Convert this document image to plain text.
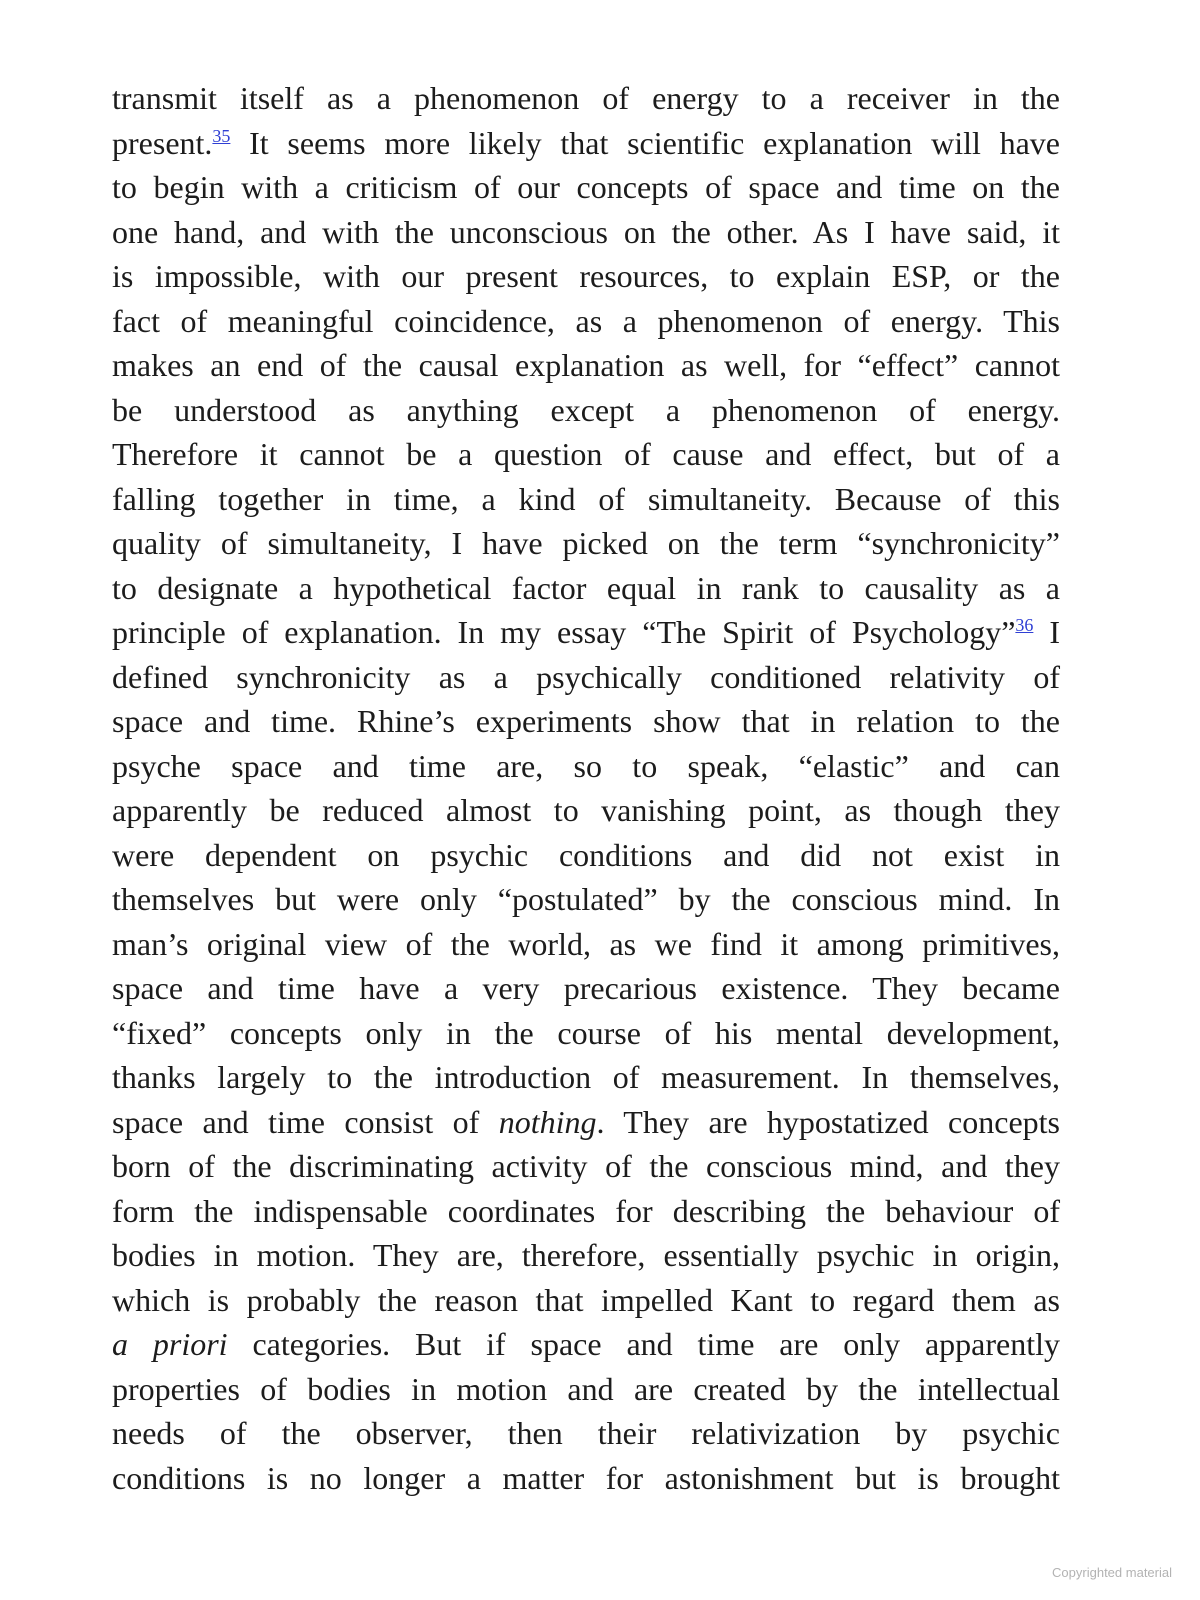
transmit itself as a phenomenon of energy to a receiver in the
present.$^{35}$ It seems more likely that scientific explanation will have
to begin with a criticism of our concepts of space and time on the
one hand, and with the unconscious on the other. As I have said, it
is impossible, with our present resources, to explain ESP, or the
fact of meaningful coincidence, as a phenomenon of energy. This
makes an end of the causal explanation as well, for “effect” cannot
be understood as anything except a phenomenon of energy.
Therefore it cannot be a question of cause and effect, but of a
falling together in time, a kind of simultaneity. Because of this
quality of simultaneity, I have picked on the term “synchronicity”
to designate a hypothetical factor equal in rank to causality as a
principle of explanation. In my essay “The Spirit of Psychology”$^{36}$ I
defined synchronicity as a psychically conditioned relativity of
space and time. Rhine’s experiments show that in relation to the
psyche space and time are, so to speak, “elastic” and can
apparently be reduced almost to vanishing point, as though they
were dependent on psychic conditions and did not exist in
themselves but were only “postulated” by the conscious mind. In
man’s original view of the world, as we find it among primitives,
space and time have a very precarious existence. They became
“fixed” concepts only in the course of his mental development,
thanks largely to the introduction of measurement. In themselves,
space and time consist of nothing. They are hypostatized concepts
born of the discriminating activity of the conscious mind, and they
form the indispensable coordinates for describing the behaviour of
bodies in motion. They are, therefore, essentially psychic in origin,
which is probably the reason that impelled Kant to regard them as
a priori categories. But if space and time are only apparently
properties of bodies in motion and are created by the intellectual
needs of the observer, then their relativization by psychic
conditions is no longer a matter for astonishment but is brought
Copyrighted material
